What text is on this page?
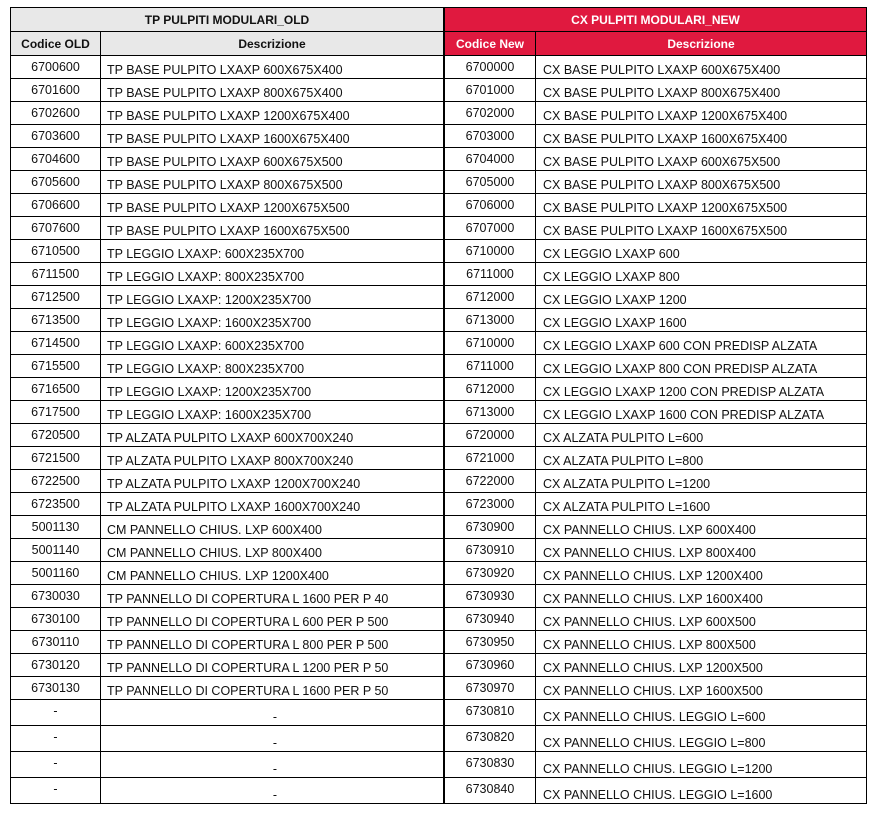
TP PULPITI MODULARI_OLD	CX PULPITI MODULARI_NEW
Codice OLD	Descrizione	Codice New	Descrizione
6700600	TP BASE PULPITO LXAXP 600X675X400	6700000	CX BASE PULPITO LXAXP 600X675X400
6701600	TP BASE PULPITO LXAXP 800X675X400	6701000	CX BASE PULPITO LXAXP 800X675X400
6702600	TP BASE PULPITO LXAXP 1200X675X400	6702000	CX BASE PULPITO LXAXP 1200X675X400
6703600	TP BASE PULPITO LXAXP 1600X675X400	6703000	CX BASE PULPITO LXAXP 1600X675X400
6704600	TP BASE PULPITO LXAXP 600X675X500	6704000	CX BASE PULPITO LXAXP 600X675X500
6705600	TP BASE PULPITO LXAXP 800X675X500	6705000	CX BASE PULPITO LXAXP 800X675X500
6706600	TP BASE PULPITO LXAXP 1200X675X500	6706000	CX BASE PULPITO LXAXP 1200X675X500
6707600	TP BASE PULPITO LXAXP 1600X675X500	6707000	CX BASE PULPITO LXAXP 1600X675X500
6710500	TP LEGGIO LXAXP: 600X235X700	6710000	CX LEGGIO LXAXP 600
6711500	TP LEGGIO LXAXP: 800X235X700	6711000	CX LEGGIO LXAXP 800
6712500	TP LEGGIO LXAXP: 1200X235X700	6712000	CX LEGGIO LXAXP 1200
6713500	TP LEGGIO LXAXP: 1600X235X700	6713000	CX LEGGIO LXAXP 1600
6714500	TP LEGGIO LXAXP: 600X235X700	6710000	CX LEGGIO LXAXP 600 CON PREDISP ALZATA
6715500	TP LEGGIO LXAXP: 800X235X700	6711000	CX LEGGIO LXAXP 800 CON PREDISP ALZATA
6716500	TP LEGGIO LXAXP: 1200X235X700	6712000	CX LEGGIO LXAXP 1200 CON PREDISP ALZATA
6717500	TP LEGGIO LXAXP: 1600X235X700	6713000	CX LEGGIO LXAXP 1600 CON PREDISP ALZATA
6720500	TP ALZATA PULPITO LXAXP 600X700X240	6720000	CX ALZATA PULPITO L=600
6721500	TP ALZATA PULPITO LXAXP 800X700X240	6721000	CX ALZATA PULPITO L=800
6722500	TP ALZATA PULPITO LXAXP 1200X700X240	6722000	CX ALZATA PULPITO L=1200
6723500	TP ALZATA PULPITO LXAXP 1600X700X240	6723000	CX ALZATA PULPITO L=1600
5001130	CM PANNELLO CHIUS. LXP 600X400	6730900	CX PANNELLO CHIUS. LXP 600X400
5001140	CM PANNELLO CHIUS. LXP 800X400	6730910	CX PANNELLO CHIUS. LXP 800X400
5001160	CM PANNELLO CHIUS. LXP 1200X400	6730920	CX PANNELLO CHIUS. LXP 1200X400
6730030	TP PANNELLO DI COPERTURA L 1600 PER P 40	6730930	CX PANNELLO CHIUS. LXP 1600X400
6730100	TP PANNELLO DI COPERTURA L 600 PER P 500	6730940	CX PANNELLO CHIUS. LXP 600X500
6730110	TP PANNELLO DI COPERTURA L 800 PER P 500	6730950	CX PANNELLO CHIUS. LXP 800X500
6730120	TP PANNELLO DI COPERTURA L 1200 PER P 50	6730960	CX PANNELLO CHIUS. LXP 1200X500
6730130	TP PANNELLO DI COPERTURA L 1600 PER P 50	6730970	CX PANNELLO CHIUS. LXP 1600X500
-	-	6730810	CX PANNELLO CHIUS. LEGGIO L=600
-	-	6730820	CX PANNELLO CHIUS. LEGGIO L=800
-	-	6730830	CX PANNELLO CHIUS. LEGGIO L=1200
-	-	6730840	CX PANNELLO CHIUS. LEGGIO L=1600
